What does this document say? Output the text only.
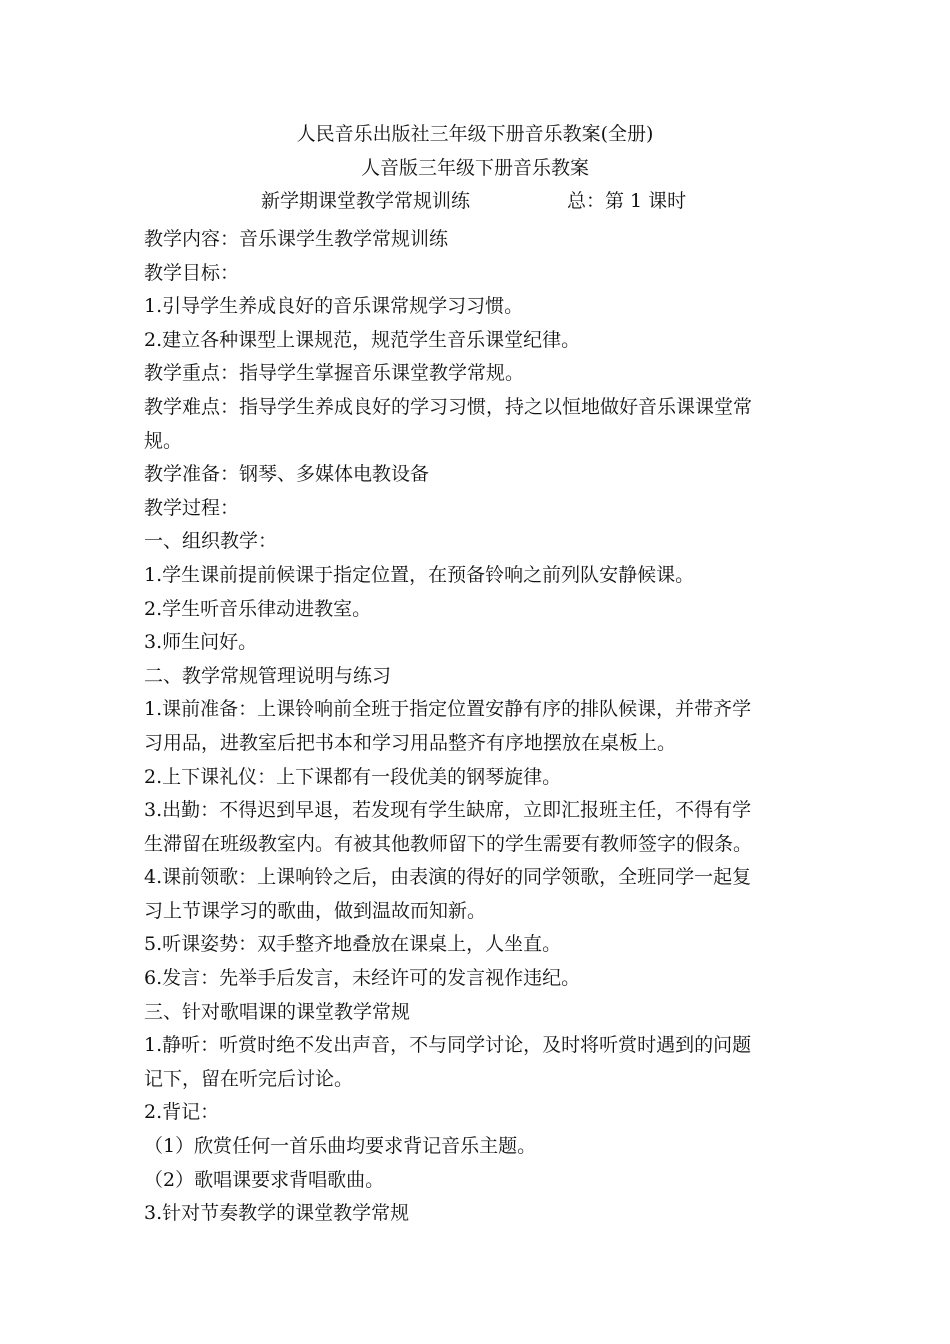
人民音乐出版社三年级下册音乐教案(全册)
人音版三年级下册音乐教案
新学期课堂教学常规训练	总：第 1 课时
教学内容：音乐课学生教学常规训练
教学目标：
1.引导学生养成良好的音乐课常规学习习惯。
2.建立各种课型上课规范，规范学生音乐课堂纪律。
教学重点：指导学生掌握音乐课堂教学常规。
教学难点：指导学生养成良好的学习习惯，持之以恒地做好音乐课课堂常
规。
教学准备：钢琴、多媒体电教设备
教学过程：
一、组织教学：
1.学生课前提前候课于指定位置，在预备铃响之前列队安静候课。
2.学生听音乐律动进教室。
3.师生问好。
二、教学常规管理说明与练习
1.课前准备：上课铃响前全班于指定位置安静有序的排队候课，并带齐学
习用品，进教室后把书本和学习用品整齐有序地摆放在桌板上。
2.上下课礼仪：上下课都有一段优美的钢琴旋律。
3.出勤：不得迟到早退，若发现有学生缺席，立即汇报班主任，不得有学
生滞留在班级教室内。有被其他教师留下的学生需要有教师签字的假条。
4.课前领歌：上课响铃之后，由表演的得好的同学领歌，全班同学一起复
习上节课学习的歌曲，做到温故而知新。
5.听课姿势：双手整齐地叠放在课桌上，人坐直。
6.发言：先举手后发言，未经许可的发言视作违纪。
三、针对歌唱课的课堂教学常规
1.静听：听赏时绝不发出声音，不与同学讨论，及时将听赏时遇到的问题
记下，留在听完后讨论。
2.背记：
（1）欣赏任何一首乐曲均要求背记音乐主题。
（2）歌唱课要求背唱歌曲。
3.针对节奏教学的课堂教学常规
